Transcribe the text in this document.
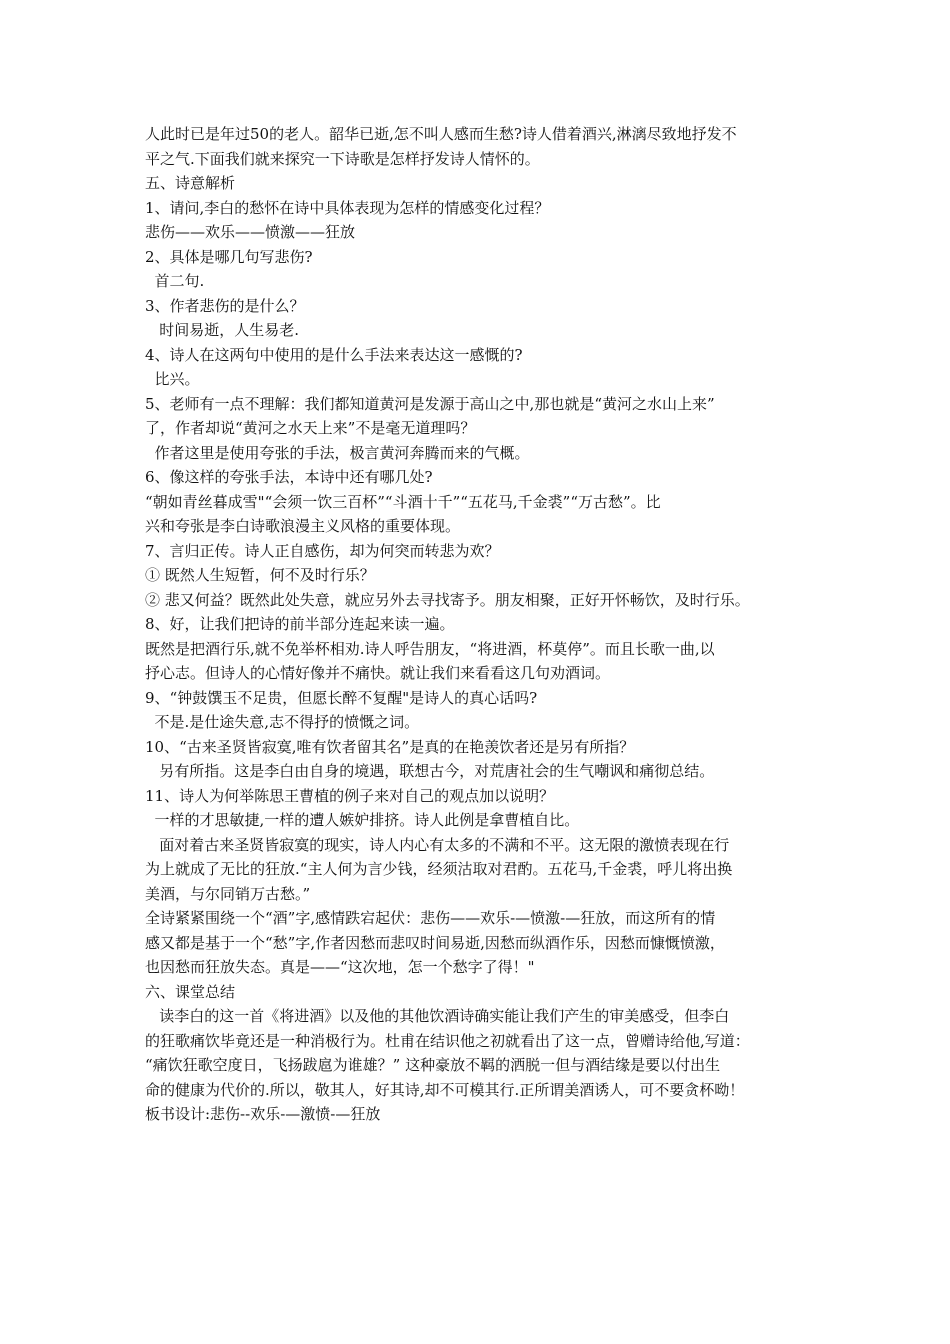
人此时已是年过50的老人。韶华已逝,怎不叫人感而生愁?诗人借着酒兴,淋漓尽致地抒发不

平之气.下面我们就来探究一下诗歌是怎样抒发诗人情怀的。

五、诗意解析

1、请问,李白的愁怀在诗中具体表现为怎样的情感变化过程？

悲伤——欢乐——愤激——狂放

2、具体是哪几句写悲伤?

首二句.

3、作者悲伤的是什么？

时间易逝，人生易老.

4、诗人在这两句中使用的是什么手法来表达这一感慨的?

比兴。

5、老师有一点不理解：我们都知道黄河是发源于高山之中,那也就是“黄河之水山上来”

了，作者却说“黄河之水天上来”不是毫无道理吗？

作者这里是使用夸张的手法，极言黄河奔腾而来的气概。

6、像这样的夸张手法，本诗中还有哪几处?

“朝如青丝暮成雪"“会须一饮三百杯”“斗酒十千”“五花马,千金裘”“万古愁”。比

兴和夸张是李白诗歌浪漫主义风格的重要体现。

7、言归正传。诗人正自感伤，却为何突而转悲为欢？

① 既然人生短暂，何不及时行乐？

② 悲又何益？既然此处失意，就应另外去寻找寄予。朋友相聚，正好开怀畅饮，及时行乐。

8、好，让我们把诗的前半部分连起来读一遍。

既然是把酒行乐,就不免举杯相劝.诗人呼告朋友，“将进酒，杯莫停”。而且长歌一曲,以

抒心志。但诗人的心情好像并不痛快。就让我们来看看这几句劝酒词。

9、“钟鼓馔玉不足贵，但愿长醉不复醒"是诗人的真心话吗?

不是.是仕途失意,志不得抒的愤慨之词。

10、“古来圣贤皆寂寞,唯有饮者留其名”是真的在艳羡饮者还是另有所指？

另有所指。这是李白由自身的境遇，联想古今，对荒唐社会的生气嘲讽和痛彻总结。

11、诗人为何举陈思王曹植的例子来对自己的观点加以说明？

一样的才思敏捷,一样的遭人嫉妒排挤。诗人此例是拿曹植自比。

面对着古来圣贤皆寂寞的现实，诗人内心有太多的不满和不平。这无限的激愤表现在行

为上就成了无比的狂放.“主人何为言少钱，经须沽取对君酌。五花马,千金裘，呼儿将出换

美酒，与尔同销万古愁。”

全诗紧紧围绕一个“酒”字,感情跌宕起伏：悲伤——欢乐-—愤激-—狂放，而这所有的情

感又都是基于一个“愁”字,作者因愁而悲叹时间易逝,因愁而纵酒作乐，因愁而慷慨愤激，

也因愁而狂放失态。真是——“这次地，怎一个愁字了得！"

六、课堂总结

读李白的这一首《将进酒》以及他的其他饮酒诗确实能让我们产生的审美感受，但李白

的狂歌痛饮毕竟还是一种消极行为。杜甫在结识他之初就看出了这一点，曾赠诗给他,写道：

“痛饮狂歌空度日，飞扬跋扈为谁雄？” 这种豪放不羁的洒脱一但与酒结缘是要以付出生

命的健康为代价的.所以，敬其人，好其诗,却不可模其行.正所谓美酒诱人，可不要贪杯呦！

板书设计:悲伤--欢乐-—激愤-—狂放
